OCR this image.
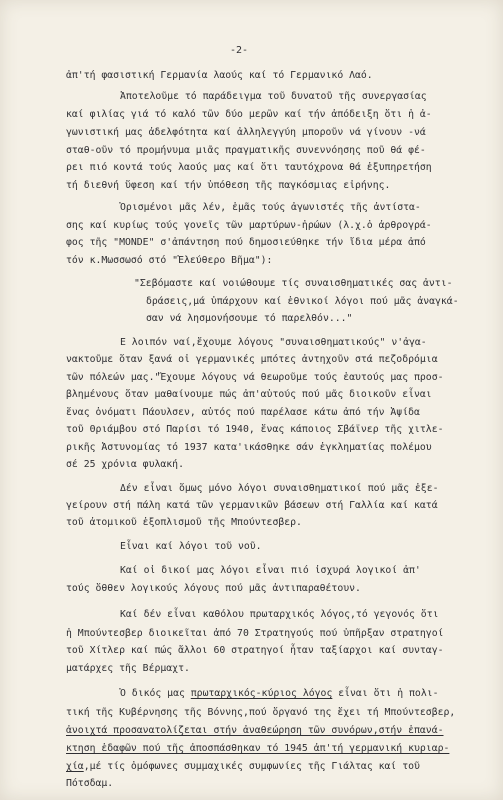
-2-
ἀπ'τή φασιστική Γερμανία λαούς καί τό Γερμανικό Λαό.
Ἀποτελοῦμε τό παράδειγμα τοῦ δυνατοῦ τῆς συνεργασίας
καί φιλίας γιά τό καλό τῶν δύο μερῶν καί τήν ἀπόδειξη ὅτι ἡ ἀ-
γωνιστική μας ἀδελφότητα καί ἀλληλεγγύη μποροῦν νά γίνουν -νά
σταθ-οῦν τό προμήνυμα μιᾶς πραγματικῆς συνεννόησης ποῦ θά φέ-
ρει πιό κοντά τούς λαούς μας καί ὅτι ταυτόχρονα θά ἐξυπηρετήση
τή διεθνή ὕφεση καί τήν ὑπόθεση τῆς παγκόσμιας εἰρήνης.
Ὁρισμένοι μᾶς λέν, ἐμᾶς τούς ἀγωνιστές τῆς ἀντίστα-
σης καί κυρίως τούς γονεῖς τῶν μαρτύρων-ἡρώων (λ.χ.ὁ ἀρθρογρά-
φος τῆς "MONDE" σ'ἀπάντηση πού δημοσιεύθηκε τήν ἴδια μέρα ἀπό
τόν κ.Μωσσωσό στό "Ἐλεύθερο Βῆμα"):
"Σεβόμαστε καί νοιώθουμε τίς συναισθηματικές σας ἀντι-
δράσεις,μά ὑπάρχουν καί ἐθνικοί λόγοι πού μᾶς ἀναγκά-
σαν νά λησμονήσουμε τό παρελθόν..."
Ε λοιπόν ναί,ἔχουμε λόγους "συναισθηματικούς" ν'ἀγα-
νακτοῦμε ὅταν ξανά οἱ γερμανικές μπότες ἀντηχοῦν στά πεζοδρόμια
τῶν πόλεών μας."Ἔχουμε λόγους νά θεωροῦμε τούς ἑαυτούς μας προσ-
βλημένους ὅταν μαθαίνουμε πώς ἀπ'αὐτούς πού μᾶς διοικοῦν εἶναι
ἕνας ὀνόματι Πάουλσεν, αὐτός πού παρέλασε κάτω ἀπό τήν Ἁψίδα
τοῦ Θριάμβου στό Παρίσι τό 1940, ἕνας κάποιος Σβάϊνερ τῆς χιτλε-
ρικῆς Ἀστυνομίας τό 1937 κατα'ικάσθηκε σάν ἐγκληματίας πολέμου
σέ 25 χρόνια φυλακή.
Δέν εἶναι ὅμως μόνο λόγοι συναισθηματικοί πού μᾶς ἐξε-
γείρουν στή πάλη κατά τῶν γερμανικῶν βάσεων στή Γαλλία καί κατά
τοῦ ἀτομικοῦ ἐξοπλισμοῦ τῆς Μπούντεσβερ.
Εἶναι καί λόγοι τοῦ νοῦ.
Καί οἱ δικοί μας λόγοι εἶναι πιό ἰσχυρά λογικοί ἀπ'
τούς ὅθθεν λογικούς λόγους πού μᾶς ἀντιπαραθέτουν.
Καί δέν εἶναι καθόλου πρωταρχικός λόγος,τό γεγονός ὅτι
ἡ Μπούντεσβερ διοικεῖται ἀπό 70 Στρατηγούς πού ὑπῆρξαν στρατηγοί
τοῦ Χίτλερ καί πώς ἄλλοι 60 στρατηγοί ἦταν ταξίαρχοι καί συνταγ-
ματάρχες τῆς Βέρμαχτ.
Ὁ δικός μας πρωταρχικός-κύριος λόγος εἶναι ὅτι ἡ πολι-
τική τῆς Κυβέρνησης τῆς Βόννης,πού ὄργανό της ἔχει τή Μπούντεσβερ,
ἀνοιχτά προσανατολίζεται στήν ἀναθεώρηση τῶν συνόρων,στήν ἐπανά-
κτηση ἐδαφῶν πού τῆς ἀποσπάσθηκαν τό 1945 ἀπ'τή γερμανική κυριαρ-
χία,μέ τίς ὁμόφωνες συμμαχικές συμφωνίες τῆς Γιάλτας καί τοῦ
Πότσδαμ.
